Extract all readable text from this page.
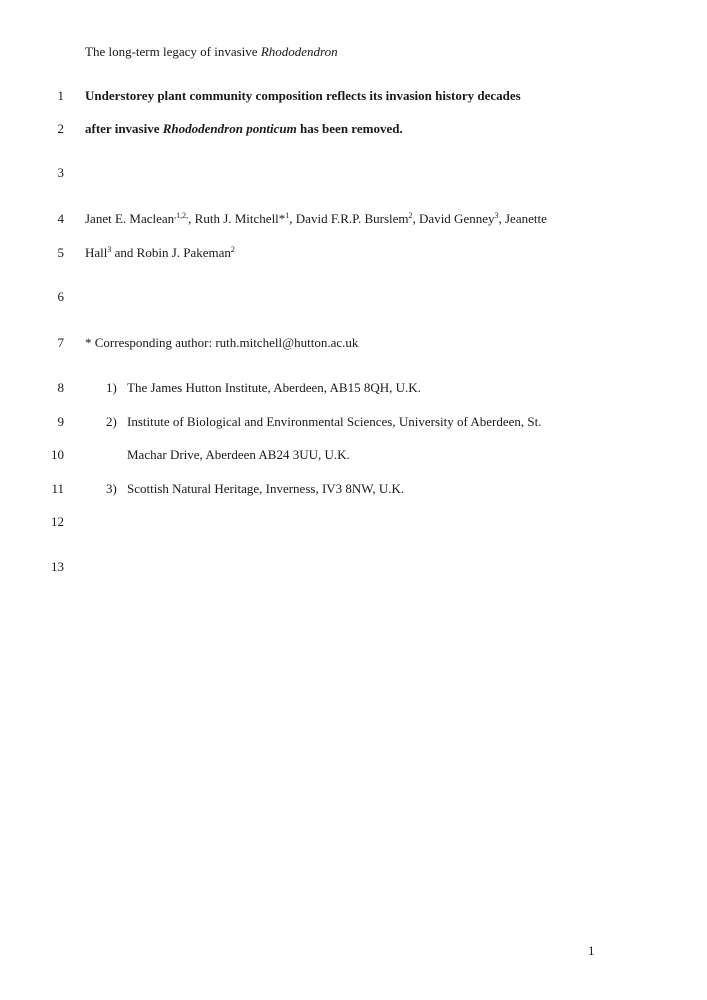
The long-term legacy of invasive Rhododendron
1
2
3
4
5
6
7
8
9
10
11
12
13
Understorey plant community composition reflects its invasion history decades
after invasive Rhododendron ponticum has been removed.
Janet E. Maclean$^{,1,2,}$, Ruth J. Mitchell*$^1$, David F.R.P. Burslem$^2$, David Genney$^3$, Jeanette
Hall$^3$ and Robin J. Pakeman$^2$
* Corresponding author: ruth.mitchell@hutton.ac.uk
1) The James Hutton Institute, Aberdeen, AB15 8QH, U.K.
2) Institute of Biological and Environmental Sciences, University of Aberdeen, St.
Machar Drive, Aberdeen AB24 3UU, U.K.
3) Scottish Natural Heritage, Inverness, IV3 8NW, U.K.
1
